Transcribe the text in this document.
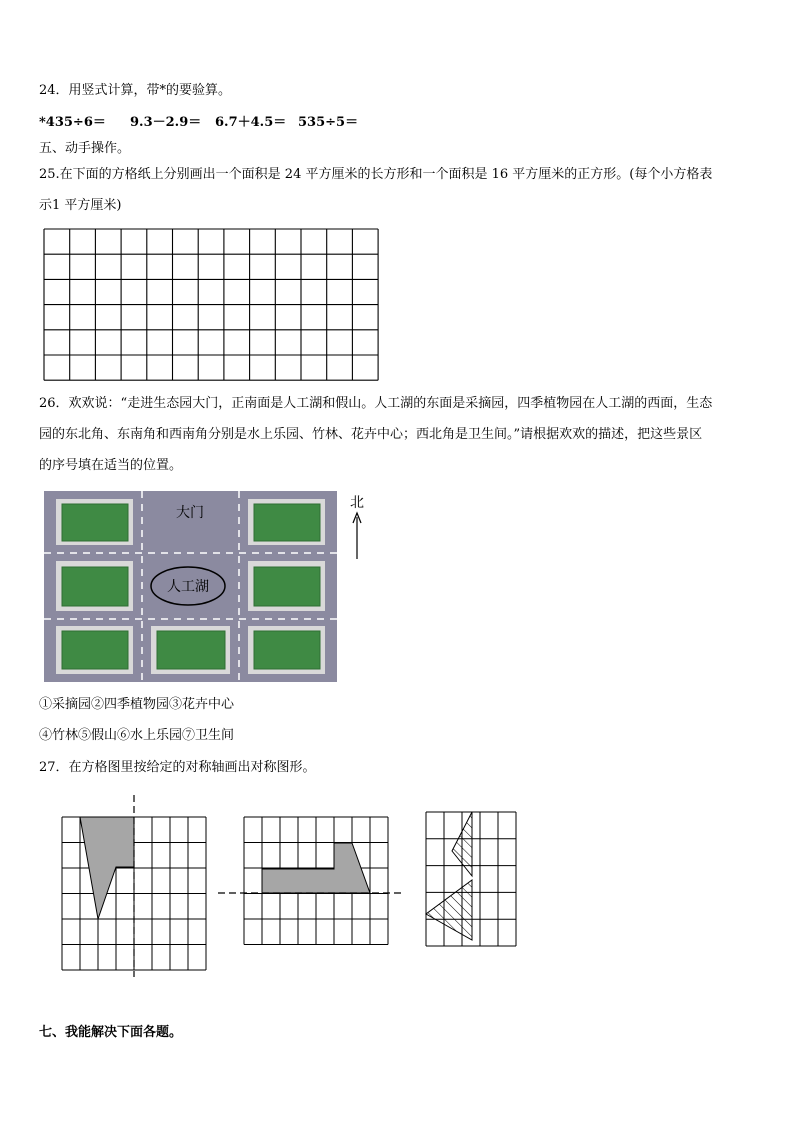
24．用竖式计算，带*的要验算。
*435÷6＝ 9.3－2.9＝ 6.7＋4.5＝ 535÷5＝
五、动手操作。
25.在下面的方格纸上分别画出一个面积是 24 平方厘米的长方形和一个面积是 16 平方厘米的正方形。(每个小方格表
示1 平方厘米)
26．欢欢说：“走进生态园大门，正南面是人工湖和假山。人工湖的东面是采摘园，四季植物园在人工湖的西面，生态
园的东北角、东南角和西南角分别是水上乐园、竹林、花卉中心；西北角是卫生间。”请根据欢欢的描述，把这些景区
的序号填在适当的位置。
人工湖
大门
北
①采摘园②四季植物园③花卉中心
④竹林⑤假山⑥水上乐园⑦卫生间
27．在方格图里按给定的对称轴画出对称图形。
七、我能解决下面各题。
